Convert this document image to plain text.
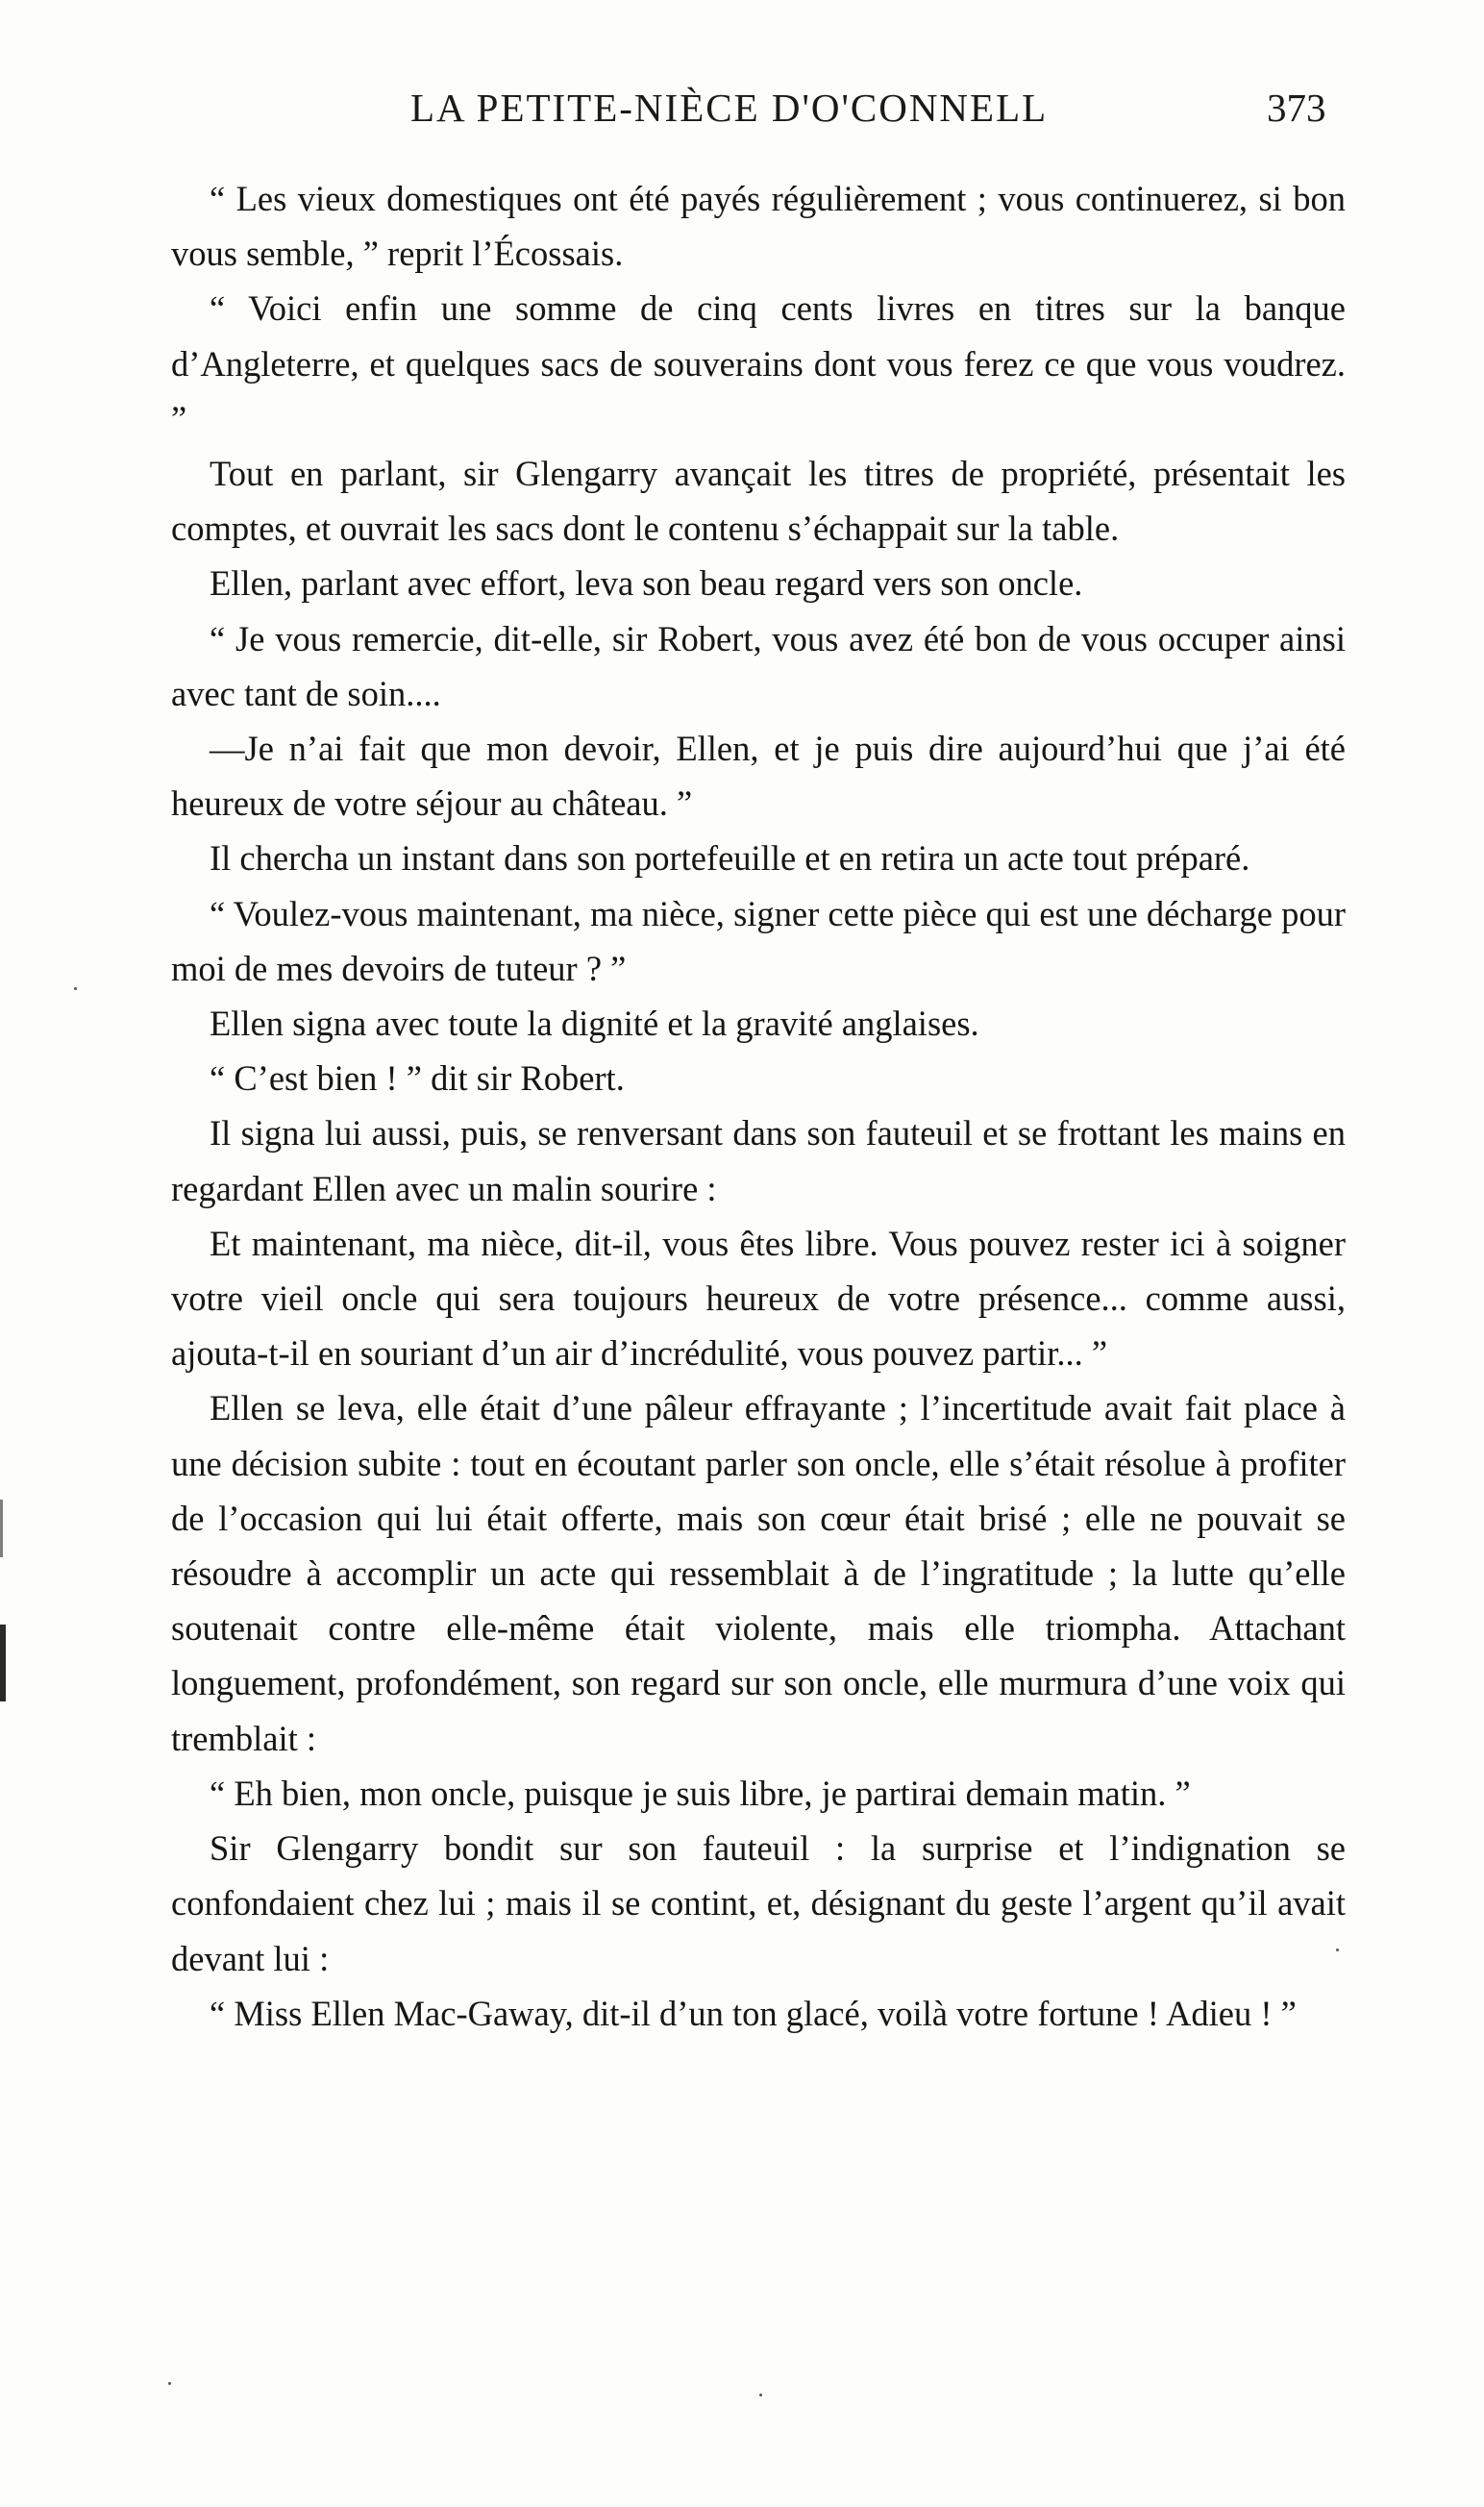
LA PETITE-NIÈCE D'O'CONNELL	373

“ Les vieux domestiques ont été payés régulièrement ; vous continuerez, si bon vous semble, ” reprit l’Écossais.

“ Voici enfin une somme de cinq cents livres en titres sur la banque d’Angleterre, et quelques sacs de souverains dont vous ferez ce que vous voudrez. ”

Tout en parlant, sir Glengarry avançait les titres de propriété, présentait les comptes, et ouvrait les sacs dont le contenu s’échappait sur la table.

Ellen, parlant avec effort, leva son beau regard vers son oncle.

“ Je vous remercie, dit-elle, sir Robert, vous avez été bon de vous occuper ainsi avec tant de soin....

—Je n’ai fait que mon devoir, Ellen, et je puis dire aujourd’hui que j’ai été heureux de votre séjour au château. ”

Il chercha un instant dans son portefeuille et en retira un acte tout préparé.

“ Voulez-vous maintenant, ma nièce, signer cette pièce qui est une décharge pour moi de mes devoirs de tuteur ? ”

Ellen signa avec toute la dignité et la gravité anglaises.

“ C’est bien ! ” dit sir Robert.

Il signa lui aussi, puis, se renversant dans son fauteuil et se frottant les mains en regardant Ellen avec un malin sourire :

Et maintenant, ma nièce, dit-il, vous êtes libre. Vous pouvez rester ici à soigner votre vieil oncle qui sera toujours heureux de votre présence... comme aussi, ajouta-t-il en souriant d’un air d’incrédulité, vous pouvez partir... ”

Ellen se leva, elle était d’une pâleur effrayante ; l’incertitude avait fait place à une décision subite : tout en écoutant parler son oncle, elle s’était résolue à profiter de l’occasion qui lui était offerte, mais son cœur était brisé ; elle ne pouvait se résoudre à accomplir un acte qui ressemblait à de l’ingratitude ; la lutte qu’elle soutenait contre elle-même était violente, mais elle triompha. Attachant longuement, profondément, son regard sur son oncle, elle murmura d’une voix qui tremblait :

“ Eh bien, mon oncle, puisque je suis libre, je partirai demain matin. ”

Sir Glengarry bondit sur son fauteuil : la surprise et l’indignation se confondaient chez lui ; mais il se contint, et, désignant du geste l’argent qu’il avait devant lui :

“ Miss Ellen Mac-Gaway, dit-il d’un ton glacé, voilà votre fortune ! Adieu ! ”
